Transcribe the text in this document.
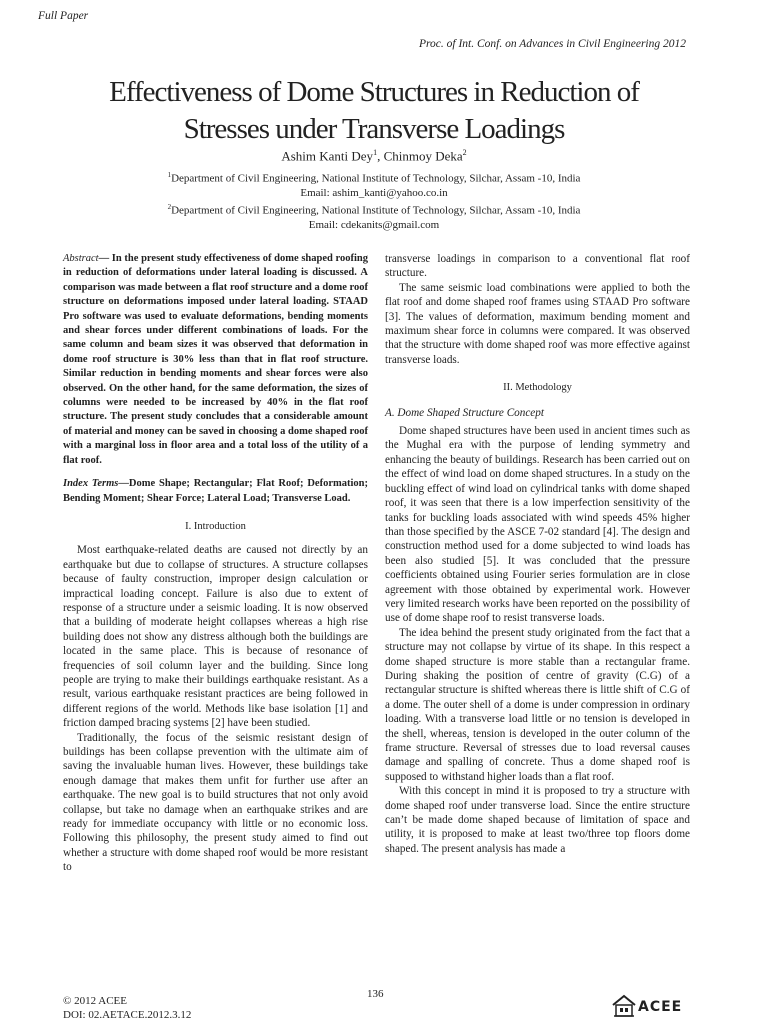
Full Paper
Proc. of Int. Conf. on Advances in Civil Engineering 2012
Effectiveness of Dome Structures in Reduction of
Stresses under Transverse Loadings
Ashim Kanti Dey$^1$, Chinmoy Deka$^2$
$^1$Department of Civil Engineering, National Institute of Technology, Silchar, Assam -10, India
Email: ashim_kanti@yahoo.co.in
$^2$Department of Civil Engineering, National Institute of Technology, Silchar, Assam -10, India
Email: cdekanits@gmail.com

Abstract— In the present study effectiveness of dome shaped roofing in reduction of deformations under lateral loading is discussed. A comparison was made between a flat roof structure and a dome roof structure on deformations imposed under lateral loading. STAAD Pro software was used to evaluate deformations, bending moments and shear forces under different combinations of loads. For the same column and beam sizes it was observed that deformation in dome roof structure is 30% less than that in flat roof structure. Similar reduction in bending moments and shear forces were also observed. On the other hand, for the same deformation, the sizes of columns were needed to be increased by 40% in the flat roof structure. The present study concludes that a considerable amount of material and money can be saved in choosing a dome shaped roof with a marginal loss in floor area and a total loss of the utility of a flat roof.

Index Terms—Dome Shape; Rectangular; Flat Roof; Deformation; Bending Moment; Shear Force; Lateral Load; Transverse Load.

I. Introduction

Most earthquake-related deaths are caused not directly by an earthquake but due to collapse of structures. A structure collapses because of faulty construction, improper design calculation or impractical loading concept. Failure is also due to extent of response of a structure under a seismic loading. It is now observed that a building of moderate height collapses whereas a high rise building does not show any distress although both the buildings are located in the same place. This is because of resonance of frequencies of soil column layer and the building. Since long people are trying to make their buildings earthquake resistant. As a result, various earthquake resistant practices are being followed in different regions of the world. Methods like base isolation [1] and friction damped bracing systems [2] have been studied.

Traditionally, the focus of the seismic resistant design of buildings has been collapse prevention with the ultimate aim of saving the invaluable human lives. However, these buildings take enough damage that makes them unfit for further use after an earthquake. The new goal is to build structures that not only avoid collapse, but take no damage when an earthquake strikes and are ready for immediate occupancy with little or no economic loss. Following this philosophy, the present study aimed to find out whether a structure with dome shaped roof would be more resistant to

transverse loadings in comparison to a conventional flat roof structure.

The same seismic load combinations were applied to both the flat roof and dome shaped roof frames using STAAD Pro software [3]. The values of deformation, maximum bending moment and maximum shear force in columns were compared. It was observed that the structure with dome shaped roof was more effective against transverse loads.

II. Methodology

A. Dome Shaped Structure Concept

Dome shaped structures have been used in ancient times such as the Mughal era with the purpose of lending symmetry and enhancing the beauty of buildings. Research has been carried out on the effect of wind load on dome shaped structures. In a study on the buckling effect of wind load on cylindrical tanks with dome shaped roof, it was seen that there is a low imperfection sensitivity of the tanks for buckling loads associated with wind speeds 45% higher than those specified by the ASCE 7-02 standard [4]. The design and construction method used for a dome subjected to wind loads has been also studied [5]. It was concluded that the pressure coefficients obtained using Fourier series formulation are in close agreement with those obtained by experimental work. However very limited research works have been reported on the possibility of use of dome shape roof to resist transverse loads.

The idea behind the present study originated from the fact that a structure may not collapse by virtue of its shape. In this respect a dome shaped structure is more stable than a rectangular frame. During shaking the position of centre of gravity (C.G) of a rectangular structure is shifted whereas there is little shift of C.G of a dome. The outer shell of a dome is under compression in ordinary loading. With a transverse load little or no tension is developed in the shell, whereas, tension is developed in the outer column of the frame structure. Reversal of stresses due to load reversal causes damage and spalling of concrete. Thus a dome shaped roof is supposed to withstand higher loads than a flat roof.

With this concept in mind it is proposed to try a structure with dome shaped roof under transverse load. Since the entire structure can’t be made dome shaped because of limitation of space and utility, it is proposed to make at least two/three top floors dome shaped. The present analysis has made a

© 2012 ACEE
DOI: 02.AETACE.2012.3.12
136
ACEE
